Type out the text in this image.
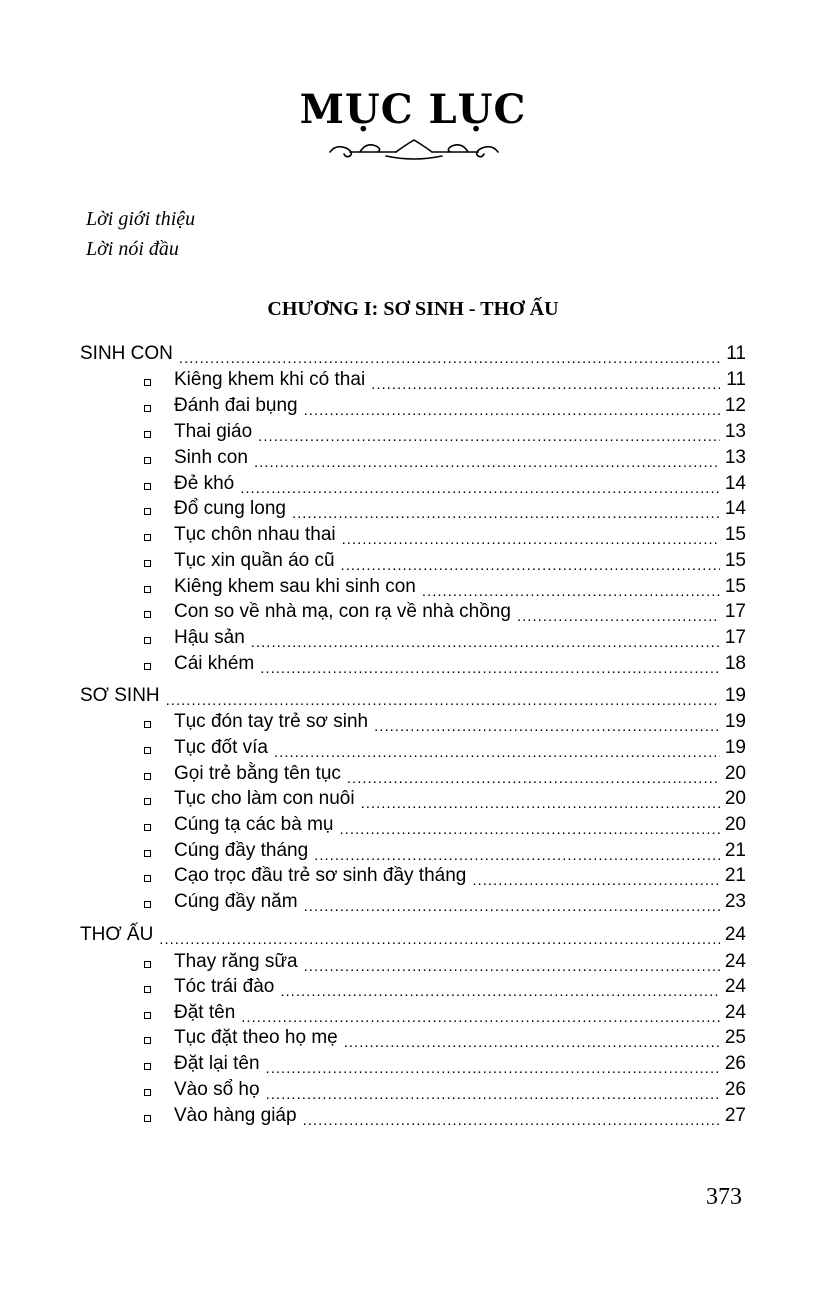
MỤC LỤC
Lời giới thiệu
Lời nói đầu
CHƯƠNG I: SƠ SINH - THƠ ẤU
SINH CON .....	11
Kiêng khem khi có thai .....	11
Đánh đai bụng .....	12
Thai giáo .....	13
Sinh con .....	13
Đẻ khó .....	14
Đổ cung long .....	14
Tục chôn nhau thai .....	15
Tục xin quần áo cũ .....	15
Kiêng khem sau khi sinh con .....	15
Con so về nhà mạ, con rạ về nhà chồng .....	17
Hậu sản .....	17
Cái khém .....	18
SƠ SINH .....	19
Tục đón tay trẻ sơ sinh .....	19
Tục đốt vía .....	19
Gọi trẻ bằng tên tục .....	20
Tục cho làm con nuôi .....	20
Cúng tạ các bà mụ .....	20
Cúng đầy tháng .....	21
Cạo trọc đầu trẻ sơ sinh đầy tháng .....	21
Cúng đầy năm .....	23
THƠ ẤU .....	24
Thay răng sữa .....	24
Tóc trái đào .....	24
Đặt tên .....	24
Tục đặt theo họ mẹ .....	25
Đặt lại tên .....	26
Vào sổ họ .....	26
Vào hàng giáp .....	27
373
